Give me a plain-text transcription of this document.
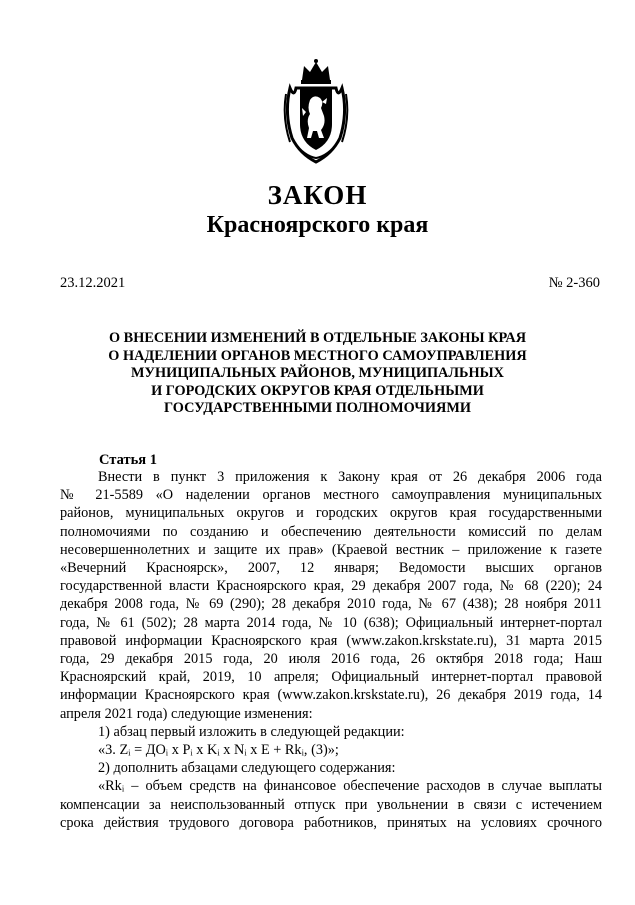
ЗАКОН
Красноярского края
23.12.2021	№ 2-360
О ВНЕСЕНИИ ИЗМЕНЕНИЙ В ОТДЕЛЬНЫЕ ЗАКОНЫ КРАЯ
О НАДЕЛЕНИИ ОРГАНОВ МЕСТНОГО САМОУПРАВЛЕНИЯ
МУНИЦИПАЛЬНЫХ РАЙОНОВ, МУНИЦИПАЛЬНЫХ
И ГОРОДСКИХ ОКРУГОВ КРАЯ ОТДЕЛЬНЫМИ
ГОСУДАРСТВЕННЫМИ ПОЛНОМОЧИЯМИ
Статья 1

Внести в пункт 3 приложения к Закону края от 26 декабря 2006 года

№ 21-5589 «О наделении органов местного самоуправления муниципальных

районов, муниципальных округов и городских округов края государственными

полномочиями по созданию и обеспечению деятельности комиссий по делам

несовершеннолетних и защите их прав» (Краевой вестник – приложение к газете

«Вечерний Красноярск», 2007, 12 января; Ведомости высших органов

государственной власти Красноярского края, 29 декабря 2007 года, № 68 (220); 24

декабря 2008 года, № 69 (290); 28 декабря 2010 года, № 67 (438); 28 ноября 2011

года, № 61 (502); 28 марта 2014 года, № 10 (638); Официальный интернет-портал

правовой информации Красноярского края (www.zakon.krskstate.ru), 31 марта 2015

года, 29 декабря 2015 года, 20 июля 2016 года, 26 октября 2018 года; Наш

Красноярский край, 2019, 10 апреля; Официальный интернет-портал правовой

информации Красноярского края (www.zakon.krskstate.ru), 26 декабря 2019 года, 14

апреля 2021 года) следующие изменения:

1) абзац первый изложить в следующей редакции:

«3. Zᵢ = ДОᵢ x Pᵢ x Kᵢ x Nᵢ x E + Rkᵢ, (3)»;

2) дополнить абзацами следующего содержания:

«Rkᵢ – объем средств на финансовое обеспечение расходов в случае выплаты

компенсации за неиспользованный отпуск при увольнении в связи с истечением

срока действия трудового договора работников, принятых на условиях срочного
